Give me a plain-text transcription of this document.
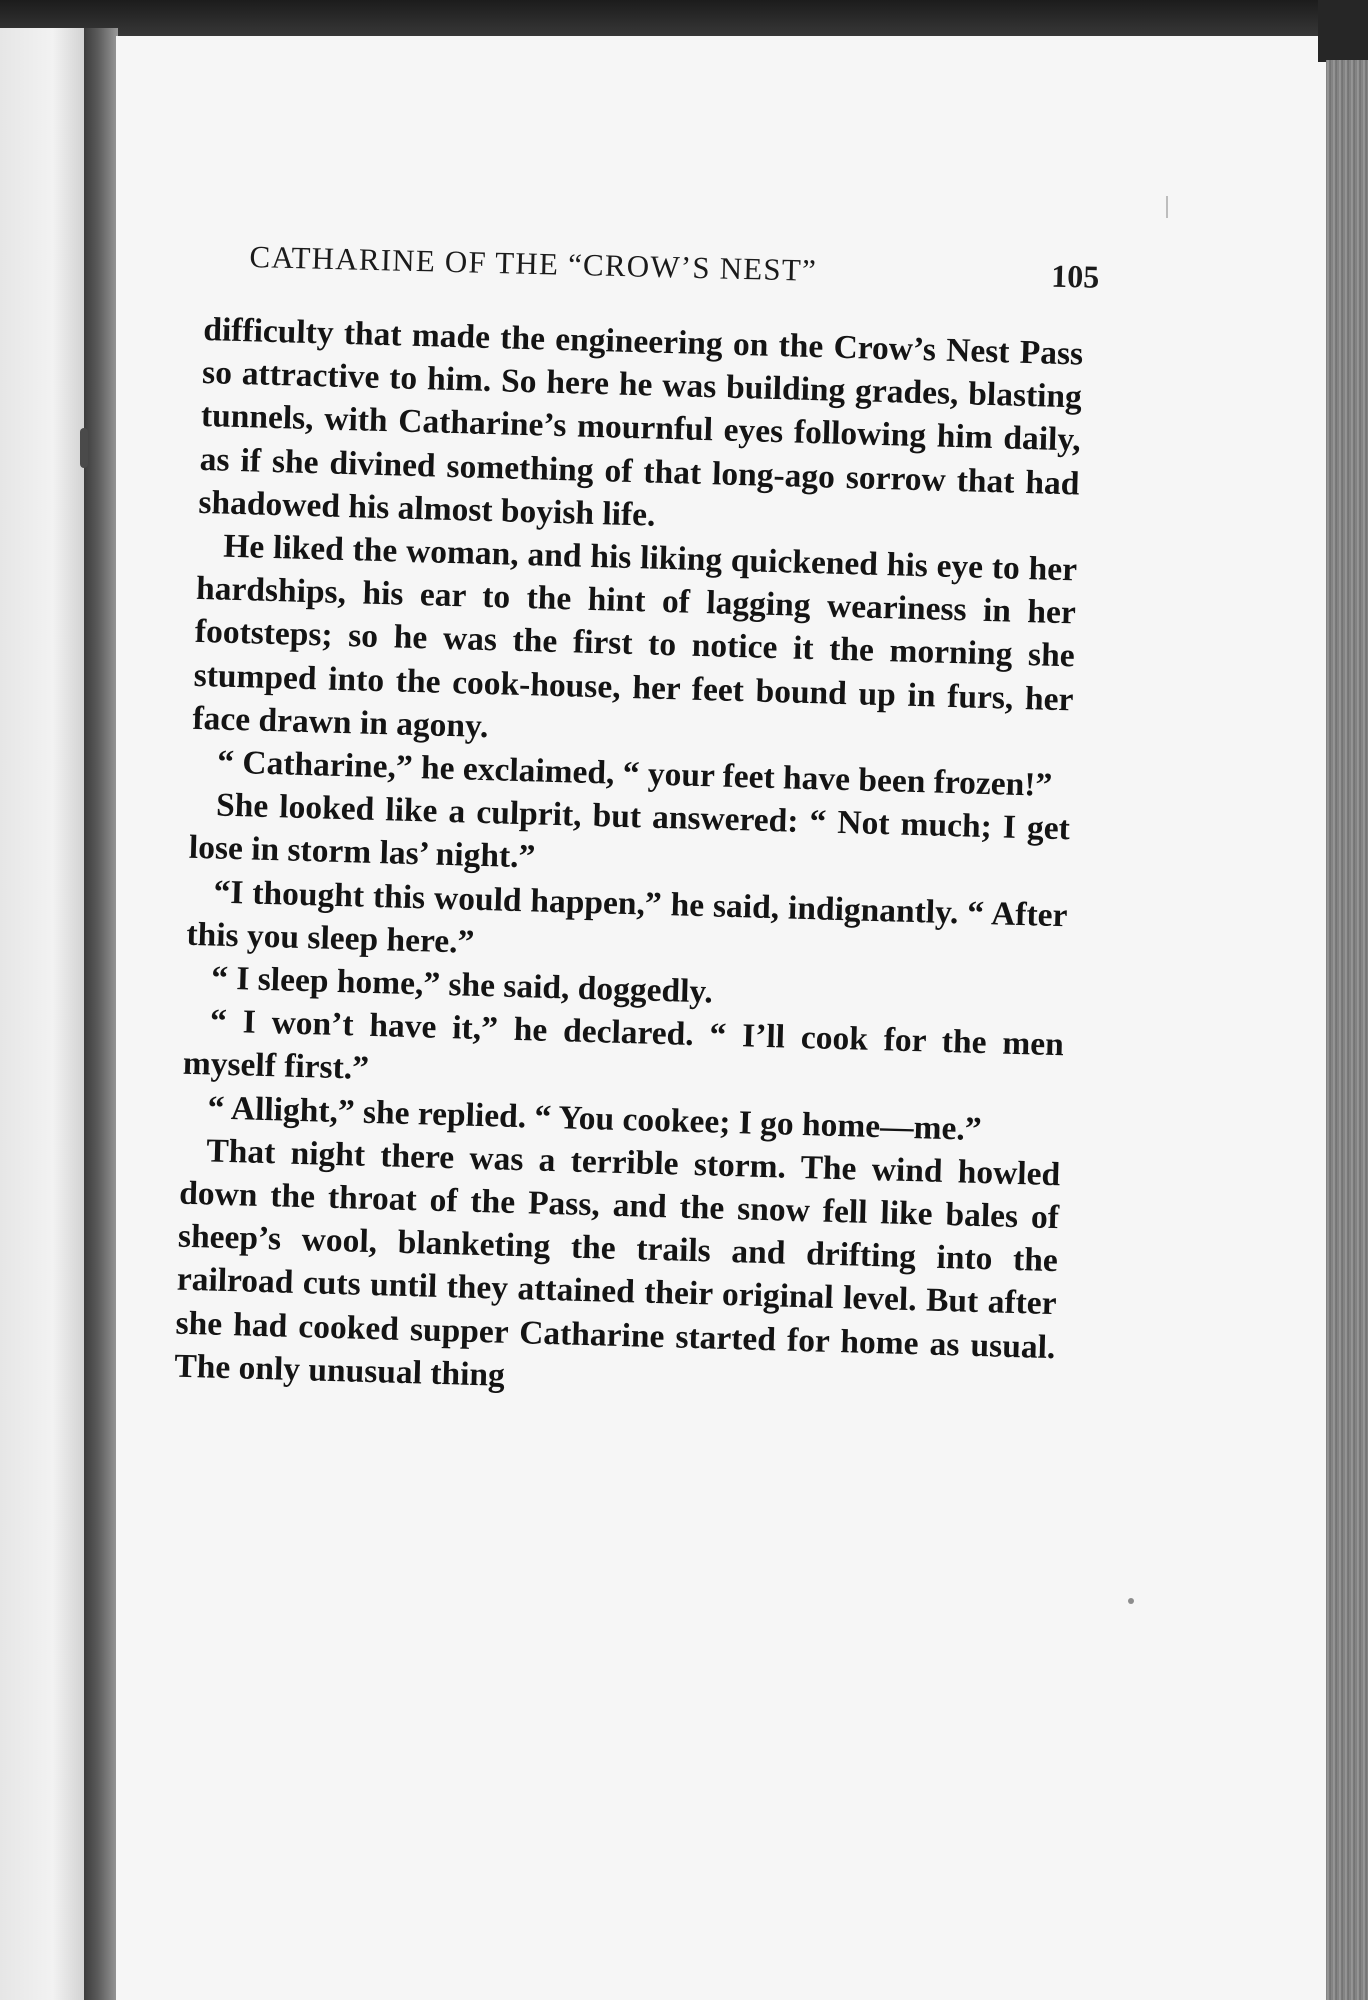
CATHARINE OF THE “CROW’S NEST”	105

difficulty that made the engineering on the Crow’s Nest Pass so attractive to him. So here he was building grades, blasting tunnels, with Catharine’s mournful eyes following him daily, as if she divined something of that long-ago sorrow that had shadowed his almost boyish life.

He liked the woman, and his liking quickened his eye to her hardships, his ear to the hint of lagging weariness in her footsteps; so he was the first to notice it the morning she stumped into the cook-house, her feet bound up in furs, her face drawn in agony.

“ Catharine,” he exclaimed, “ your feet have been frozen!”

She looked like a culprit, but answered: “ Not much; I get lose in storm las’ night.”

“I thought this would happen,” he said, indignantly. “ After this you sleep here.”

“ I sleep home,” she said, doggedly.

“ I won’t have it,” he declared. “ I’ll cook for the men myself first.”

“ Allight,” she replied. “ You cookee; I go home—me.”

That night there was a terrible storm. The wind howled down the throat of the Pass, and the snow fell like bales of sheep’s wool, blanketing the trails and drifting into the railroad cuts until they attained their original level. But after she had cooked supper Catharine started for home as usual. The only unusual thing
